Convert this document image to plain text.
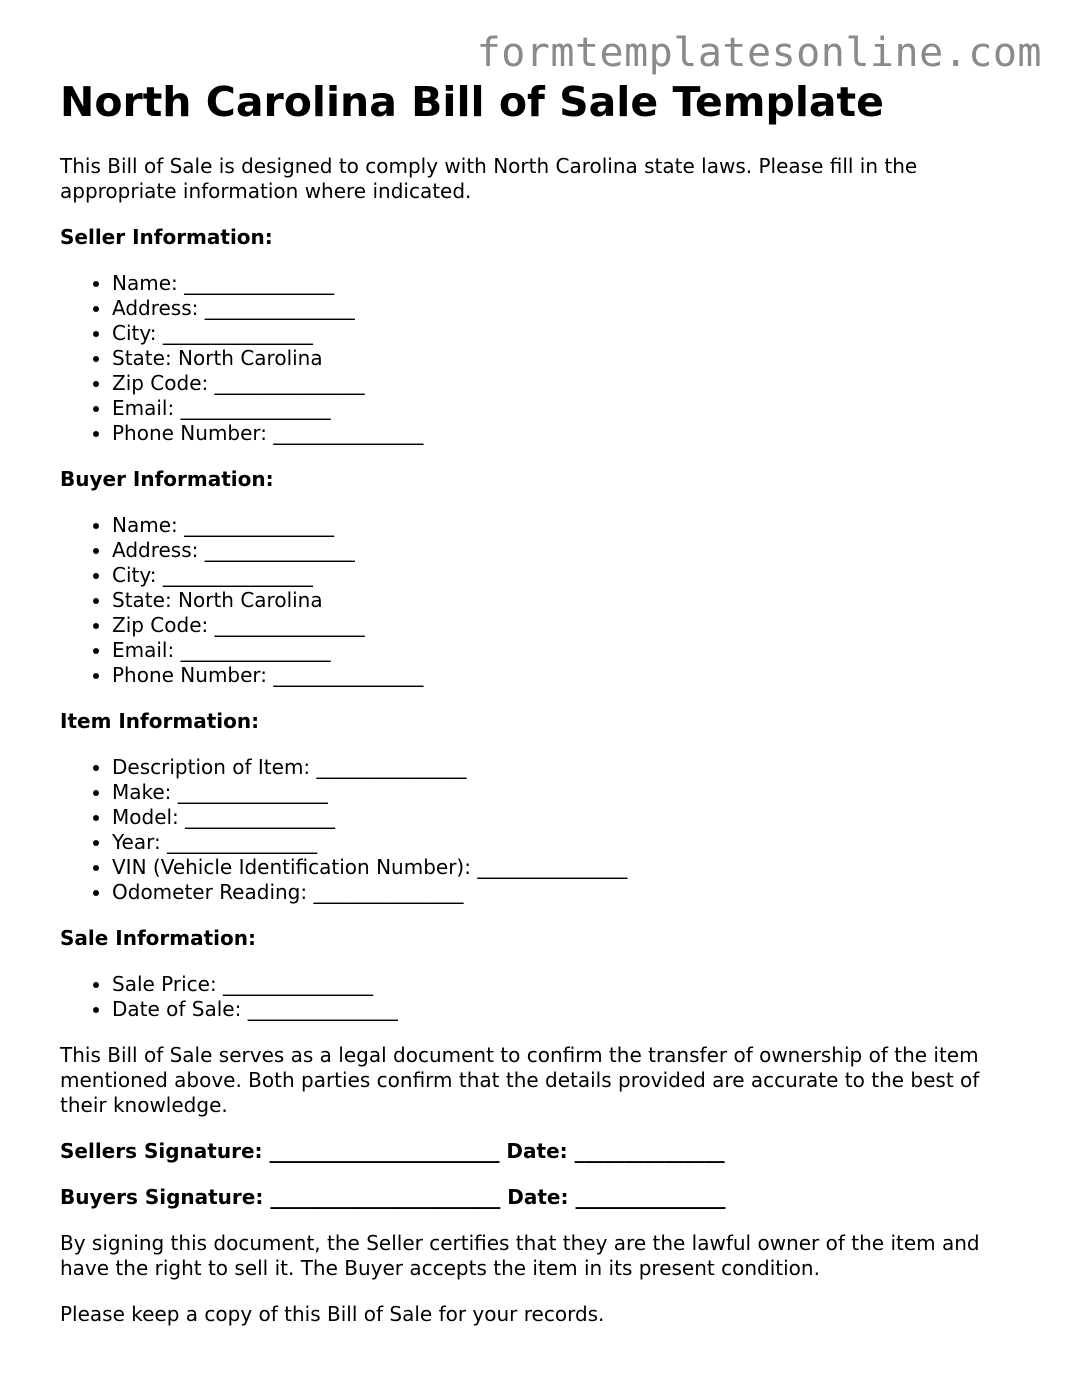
formtemplatesonline.com
North Carolina Bill of Sale Template

This Bill of Sale is designed to comply with North Carolina state laws. Please fill in the appropriate information where indicated.

Seller Information:
• Name: _______________
• Address: _______________
• City: _______________
• State: North Carolina
• Zip Code: _______________
• Email: _______________
• Phone Number: _______________
Buyer Information:
• Name: _______________
• Address: _______________
• City: _______________
• State: North Carolina
• Zip Code: _______________
• Email: _______________
• Phone Number: _______________
Item Information:
• Description of Item: _______________
• Make: _______________
• Model: _______________
• Year: _______________
• VIN (Vehicle Identification Number): _______________
• Odometer Reading: _______________
Sale Information:
• Sale Price: _______________
• Date of Sale: _______________

This Bill of Sale serves as a legal document to confirm the transfer of ownership of the item mentioned above. Both parties confirm that the details provided are accurate to the best of their knowledge.

Sellers Signature: _______________________ Date: _______________
Buyers Signature: _______________________ Date: _______________

By signing this document, the Seller certifies that they are the lawful owner of the item and have the right to sell it. The Buyer accepts the item in its present condition.

Please keep a copy of this Bill of Sale for your records.
